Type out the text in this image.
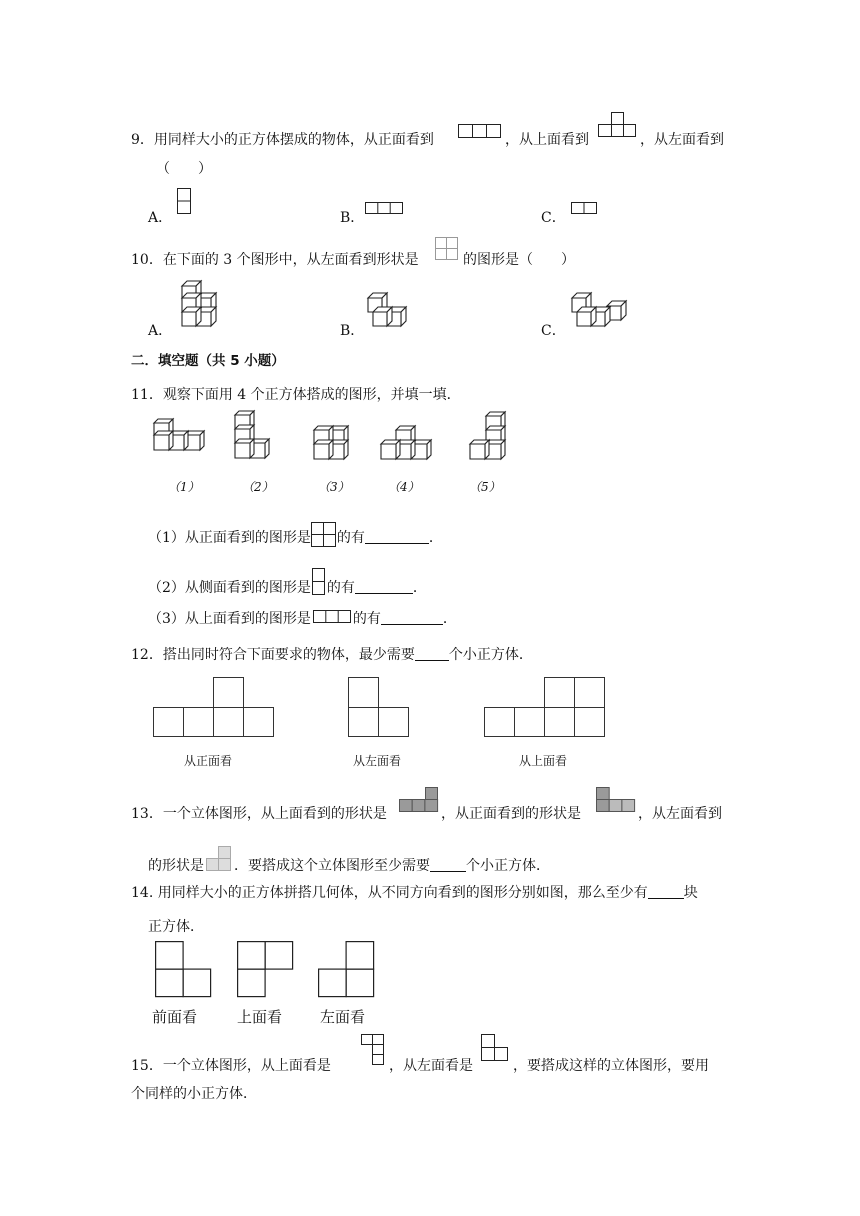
9．用同样大小的正方体摆成的物体，从正面看到	，从上面看到	，从左面看到
（　　）
A．	B．	C．
10．在下面的 3 个图形中，从左面看到形状是	的图形是（　　）
A．	B．	C．
二．填空题（共 5 小题）
11．观察下面用 4 个正方体搭成的图形，并填一填．
（1）	（2）	（3）	（4）	（5）
（1）从正面看到的图形是 的有	．
（2）从侧面看到的图形是 的有	．
（3）从上面看到的图形是	的有	．
12．搭出同时符合下面要求的物体，最少需要 个小正方体．
从正面看	从左面看	从上面看
13．一个立体图形，从上面看到的形状是	，从正面看到的形状是	，从左面看到
的形状是 ．要搭成这个立体图形至少需要	个小正方体．
14. 用同样大小的正方体拼搭几何体，从不同方向看到的图形分别如图，那么至少有	块
正方体．
前面看	上面看	左面看
15．一个立体图形，从上面看是	，从左面看是	，要搭成这样的立体图形，要用
个同样的小正方体．
